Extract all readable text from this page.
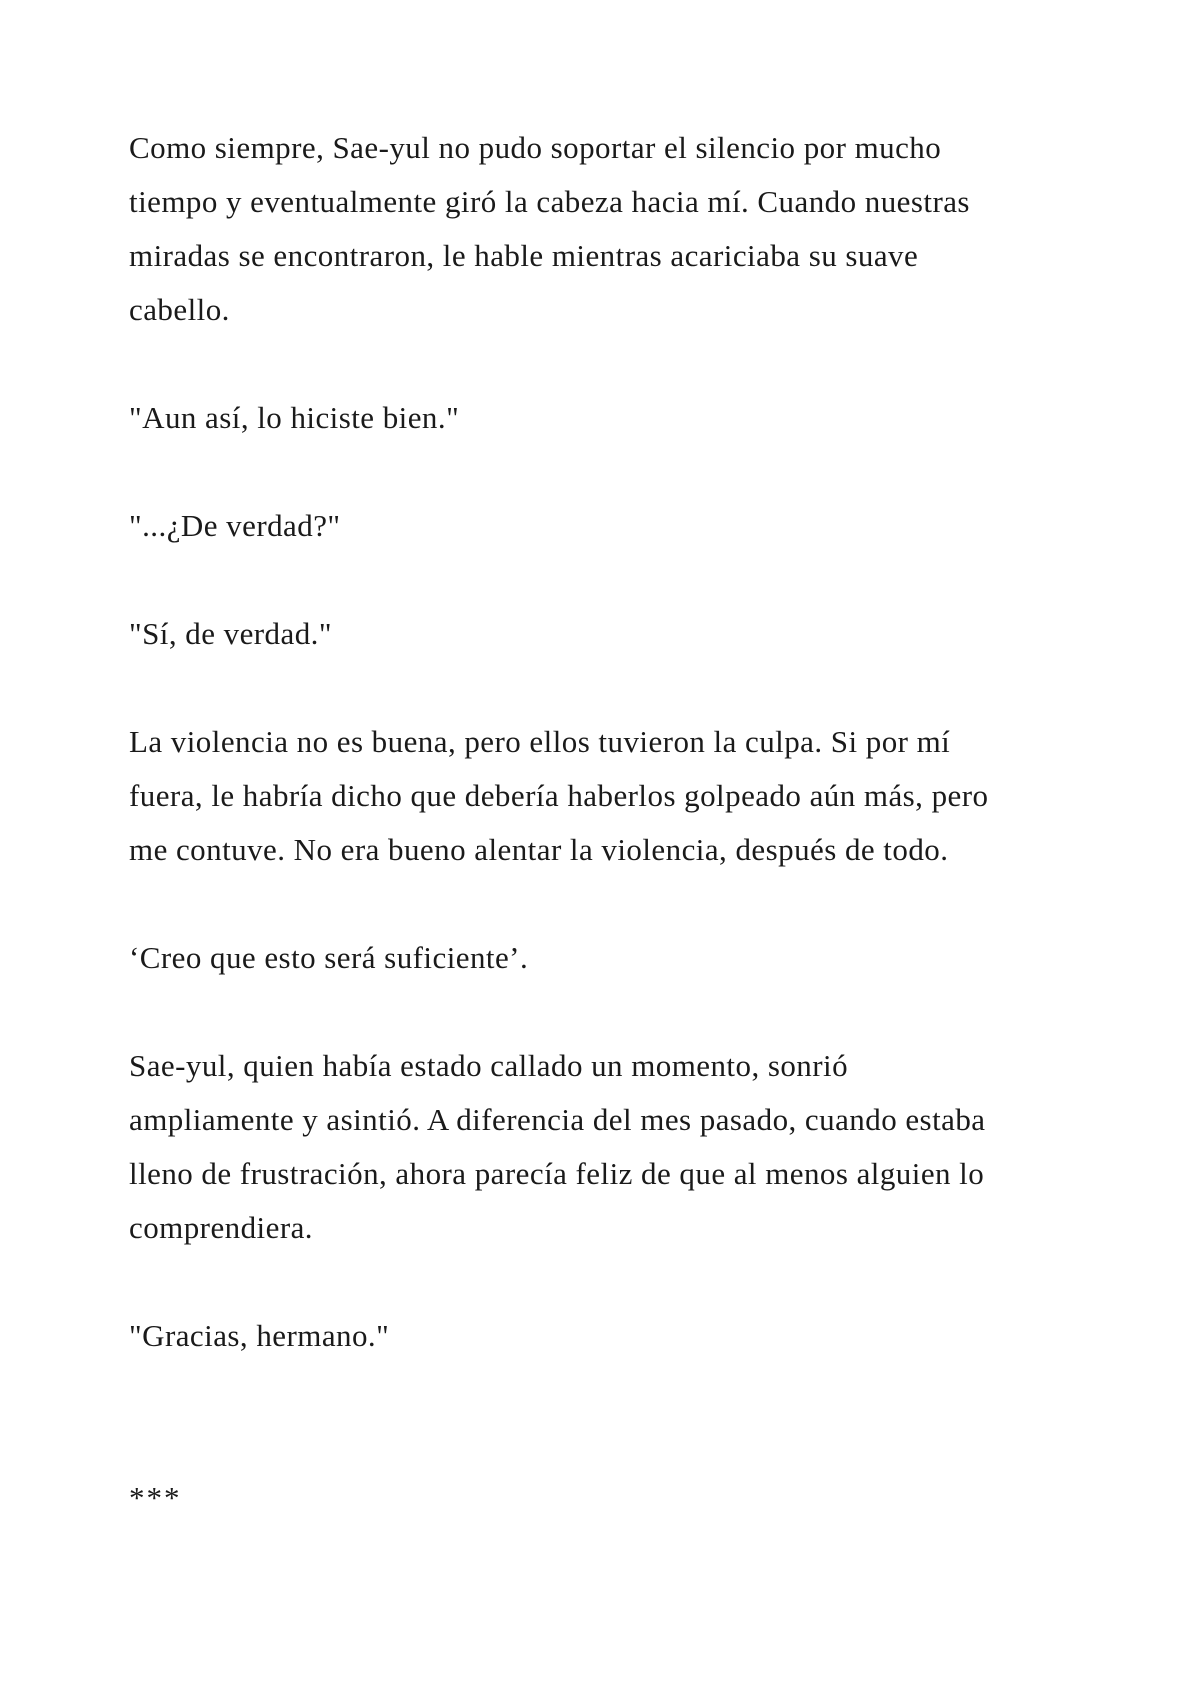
Como siempre, Sae-yul no pudo soportar el silencio por mucho
tiempo y eventualmente giró la cabeza hacia mí. Cuando nuestras
miradas se encontraron, le hable mientras acariciaba su suave
cabello.
"Aun así, lo hiciste bien."
"...¿De verdad?"
"Sí, de verdad."
La violencia no es buena, pero ellos tuvieron la culpa. Si por mí
fuera, le habría dicho que debería haberlos golpeado aún más, pero
me contuve. No era bueno alentar la violencia, después de todo.
‘Creo que esto será suficiente’.
Sae-yul, quien había estado callado un momento, sonrió
ampliamente y asintió. A diferencia del mes pasado, cuando estaba
lleno de frustración, ahora parecía feliz de que al menos alguien lo
comprendiera.
"Gracias, hermano."
***
